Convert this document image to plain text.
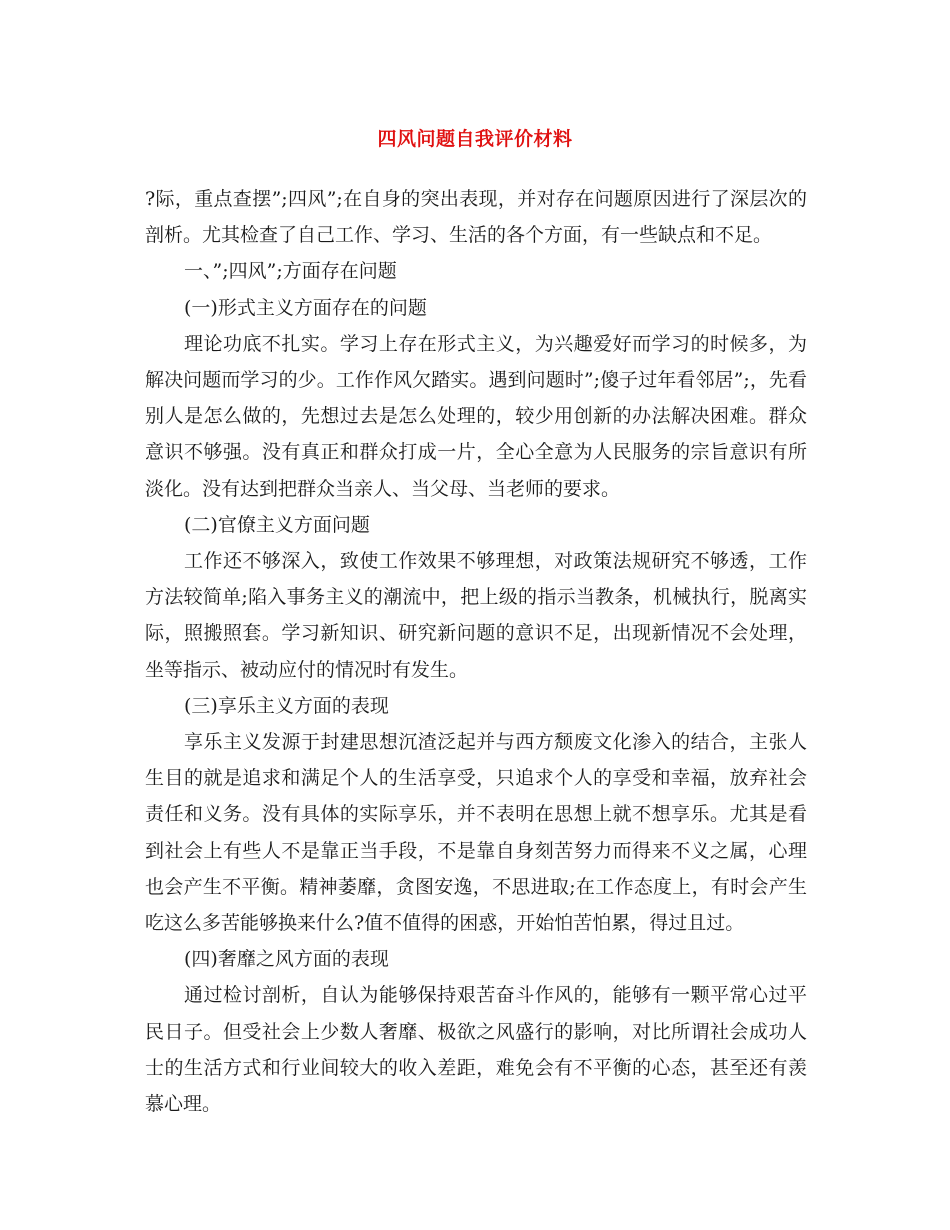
四风问题自我评价材料

?际，重点查摆”;四风”;在自身的突出表现，并对存在问题原因进行了深层次的剖析。尤其检查了自己工作、学习、生活的各个方面，有一些缺点和不足。

一、”;四风”;方面存在问题

(一)形式主义方面存在的问题

理论功底不扎实。学习上存在形式主义，为兴趣爱好而学习的时候多，为解决问题而学习的少。工作作风欠踏实。遇到问题时”;傻子过年看邻居”;，先看别人是怎么做的，先想过去是怎么处理的，较少用创新的办法解决困难。群众意识不够强。没有真正和群众打成一片，全心全意为人民服务的宗旨意识有所淡化。没有达到把群众当亲人、当父母、当老师的要求。

(二)官僚主义方面问题

工作还不够深入，致使工作效果不够理想，对政策法规研究不够透，工作方法较简单;陷入事务主义的潮流中，把上级的指示当教条，机械执行，脱离实际，照搬照套。学习新知识、研究新问题的意识不足，出现新情况不会处理，坐等指示、被动应付的情况时有发生。

(三)享乐主义方面的表现

享乐主义发源于封建思想沉渣泛起并与西方颓废文化渗入的结合，主张人生目的就是追求和满足个人的生活享受，只追求个人的享受和幸福，放弃社会责任和义务。没有具体的实际享乐，并不表明在思想上就不想享乐。尤其是看到社会上有些人不是靠正当手段，不是靠自身刻苦努力而得来不义之属，心理也会产生不平衡。精神萎靡，贪图安逸，不思进取;在工作态度上，有时会产生吃这么多苦能够换来什么?值不值得的困惑，开始怕苦怕累，得过且过。

(四)奢靡之风方面的表现

通过检讨剖析，自认为能够保持艰苦奋斗作风的，能够有一颗平常心过平民日子。但受社会上少数人奢靡、极欲之风盛行的影响，对比所谓社会成功人士的生活方式和行业间较大的收入差距，难免会有不平衡的心态，甚至还有羡慕心理。
